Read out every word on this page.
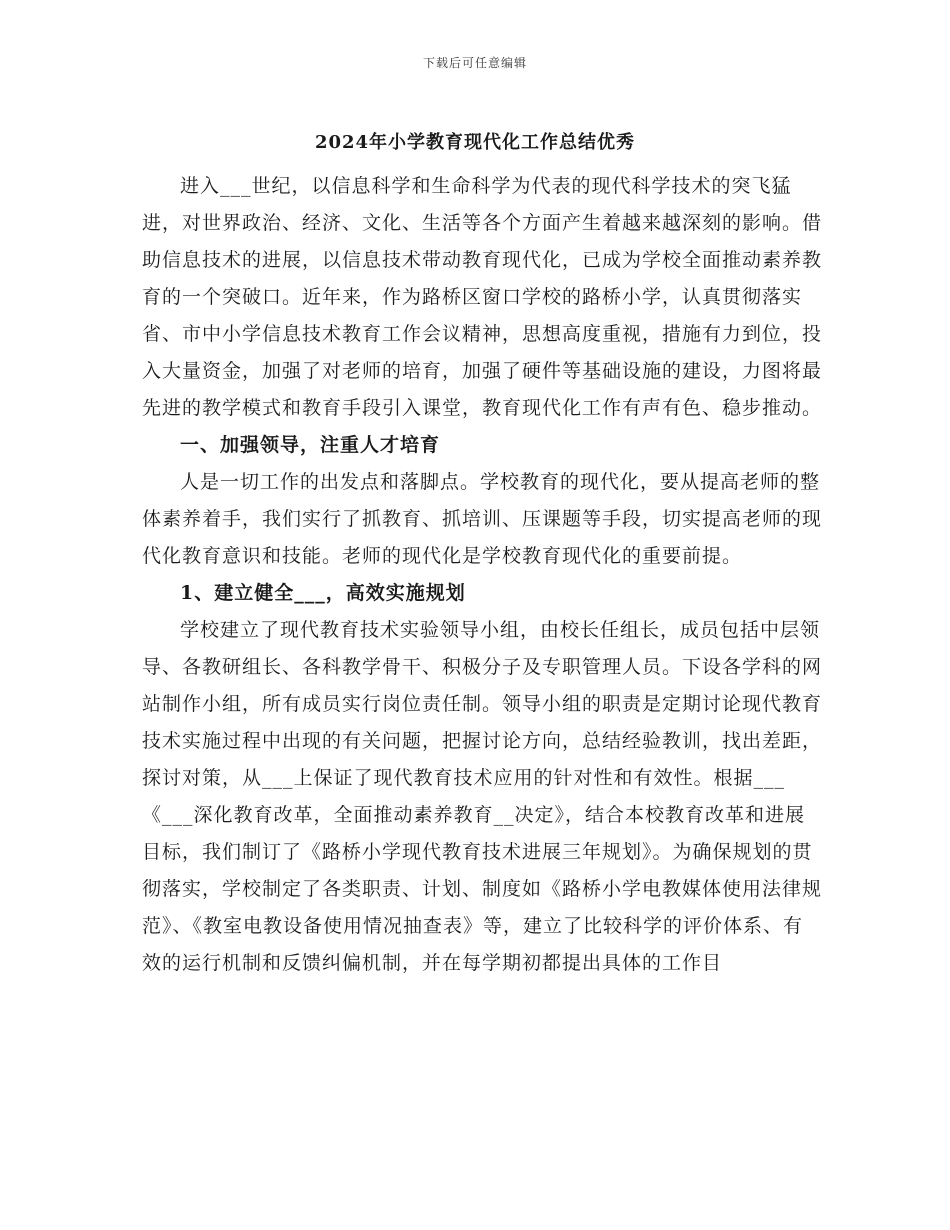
下载后可任意编辑
2024年小学教育现代化工作总结优秀

进入___世纪，以信息科学和生命科学为代表的现代科学技术的突飞猛进，对世界政治、经济、文化、生活等各个方面产生着越来越深刻的影响。借助信息技术的进展，以信息技术带动教育现代化，已成为学校全面推动素养教育的一个突破口。近年来，作为路桥区窗口学校的路桥小学，认真贯彻落实省、市中小学信息技术教育工作会议精神，思想高度重视，措施有力到位，投入大量资金，加强了对老师的培育，加强了硬件等基础设施的建设，力图将最先进的教学模式和教育手段引入课堂，教育现代化工作有声有色、稳步推动。

一、加强领导，注重人才培育

人是一切工作的出发点和落脚点。学校教育的现代化，要从提高老师的整体素养着手，我们实行了抓教育、抓培训、压课题等手段，切实提高老师的现代化教育意识和技能。老师的现代化是学校教育现代化的重要前提。

1、建立健全___，高效实施规划

学校建立了现代教育技术实验领导小组，由校长任组长，成员包括中层领导、各教研组长、各科教学骨干、积极分子及专职管理人员。下设各学科的网站制作小组，所有成员实行岗位责任制。领导小组的职责是定期讨论现代教育技术实施过程中出现的有关问题，把握讨论方向，总结经验教训，找出差距，探讨对策，从___上保证了现代教育技术应用的针对性和有效性。根据___《___深化教育改革，全面推动素养教育__决定》，结合本校教育改革和进展目标，我们制订了《路桥小学现代教育技术进展三年规划》。为确保规划的贯彻落实，学校制定了各类职责、计划、制度如《路桥小学电教媒体使用法律规范》、《教室电教设备使用情况抽查表》等，建立了比较科学的评价体系、有效的运行机制和反馈纠偏机制，并在每学期初都提出具体的工作目
